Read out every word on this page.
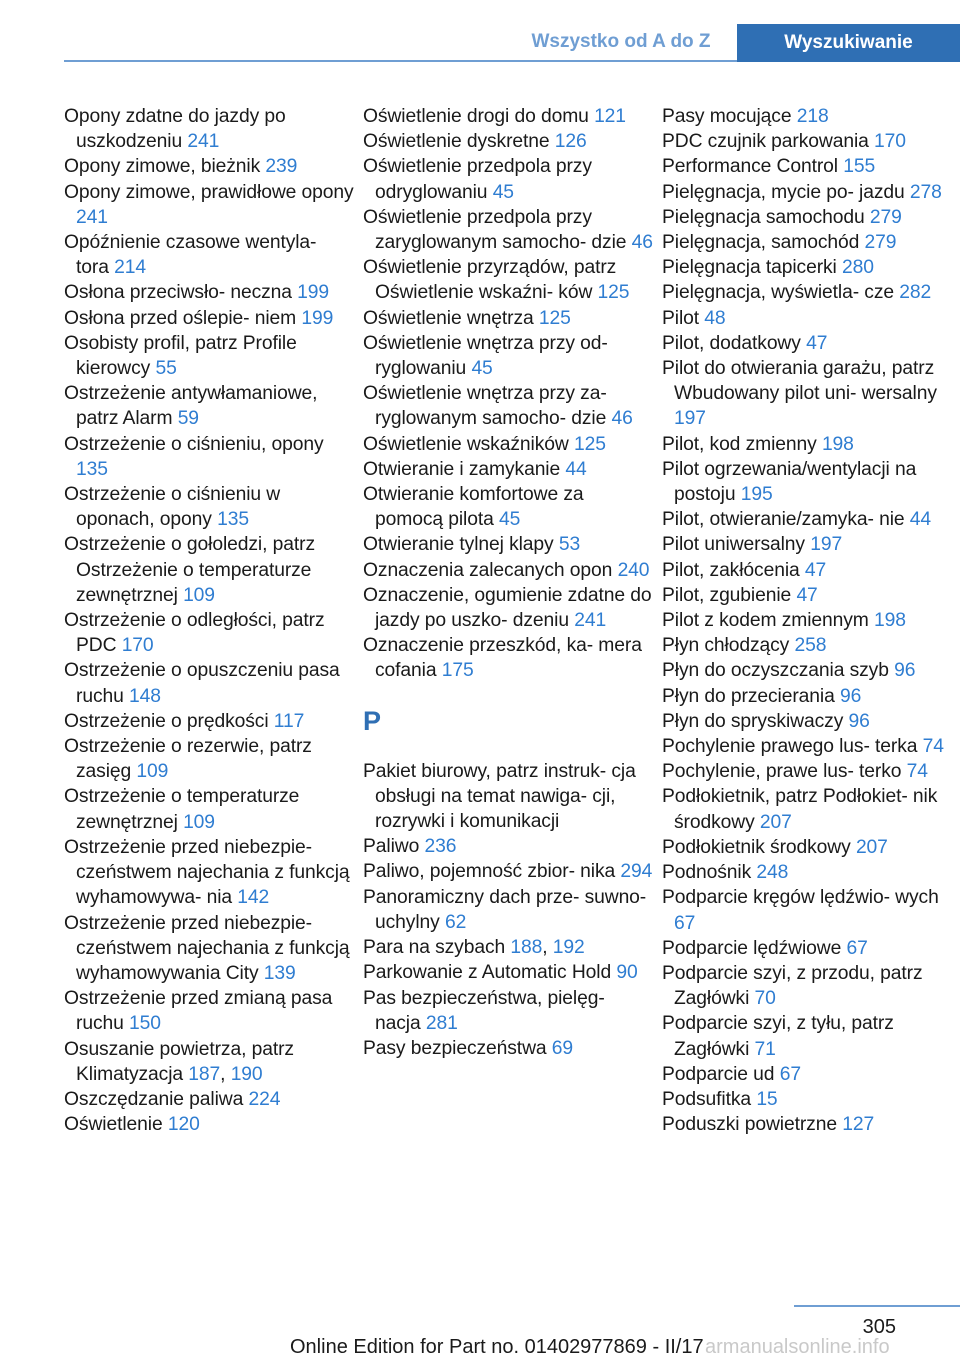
Wszystko od A do Z	Wyszukiwanie
Opony zdatne do jazdy po uszkodzeniu 241
Opony zimowe, bieżnik 239
Opony zimowe, prawidłowe opony 241
Opóźnienie czasowe wentyla‐ tora 214
Osłona przeciwsło‐ neczna 199
Osłona przed oślepie‐ niem 199
Osobisty profil, patrz Profile kierowcy 55
Ostrzeżenie antywłamaniowe, patrz Alarm 59
Ostrzeżenie o ciśnieniu, opony 135
Ostrzeżenie o ciśnieniu w oponach, opony 135
Ostrzeżenie o gołoledzi, patrz Ostrzeżenie o temperaturze zewnętrznej 109
Ostrzeżenie o odległości, patrz PDC 170
Ostrzeżenie o opuszczeniu pasa ruchu 148
Ostrzeżenie o prędkości 117
Ostrzeżenie o rezerwie, patrz zasięg 109
Ostrzeżenie o temperaturze zewnętrznej 109
Ostrzeżenie przed niebezpie‐ czeństwem najechania z funkcją wyhamowywa‐ nia 142
Ostrzeżenie przed niebezpie‐ czeństwem najechania z funkcją wyhamowywania City 139
Ostrzeżenie przed zmianą pasa ruchu 150
Osuszanie powietrza, patrz Klimatyzacja 187, 190
Oszczędzanie paliwa 224
Oświetlenie 120
Oświetlenie drogi do domu 121
Oświetlenie dyskretne 126
Oświetlenie przedpola przy odryglowaniu 45
Oświetlenie przedpola przy zaryglowanym samocho‐ dzie 46
Oświetlenie przyrządów, patrz Oświetlenie wskaźni‐ ków 125
Oświetlenie wnętrza 125
Oświetlenie wnętrza przy od‐ ryglowaniu 45
Oświetlenie wnętrza przy za‐ ryglowanym samocho‐ dzie 46
Oświetlenie wskaźników 125
Otwieranie i zamykanie 44
Otwieranie komfortowe za pomocą pilota 45
Otwieranie tylnej klapy 53
Oznaczenia zalecanych opon 240
Oznaczenie, ogumienie zdatne do jazdy po uszko‐ dzeniu 241
Oznaczenie przeszkód, ka‐ mera cofania 175
P
Pakiet biurowy, patrz instruk‐ cja obsługi na temat nawiga‐ cji, rozrywki i komunikacji
Paliwo 236
Paliwo, pojemność zbior‐ nika 294
Panoramiczny dach prze‐ suwno-uchylny 62
Para na szybach 188, 192
Parkowanie z Automatic Hold 90
Pas bezpieczeństwa, pielęg‐ nacja 281
Pasy bezpieczeństwa 69
Pasy mocujące 218
PDC czujnik parkowania 170
Performance Control 155
Pielęgnacja, mycie po‐ jazdu 278
Pielęgnacja samochodu 279
Pielęgnacja, samochód 279
Pielęgnacja tapicerki 280
Pielęgnacja, wyświetla‐ cze 282
Pilot 48
Pilot, dodatkowy 47
Pilot do otwierania garażu, patrz Wbudowany pilot uni‐ wersalny 197
Pilot, kod zmienny 198
Pilot ogrzewania/wentylacji na postoju 195
Pilot, otwieranie/zamyka‐ nie 44
Pilot uniwersalny 197
Pilot, zakłócenia 47
Pilot, zgubienie 47
Pilot z kodem zmiennym 198
Płyn chłodzący 258
Płyn do oczyszczania szyb 96
Płyn do przecierania 96
Płyn do spryskiwaczy 96
Pochylenie prawego lus‐ terka 74
Pochylenie, prawe lus‐ terko 74
Podłokietnik, patrz Podłokiet‐ nik środkowy 207
Podłokietnik środkowy 207
Podnośnik 248
Podparcie kręgów lędźwio‐ wych 67
Podparcie lędźwiowe 67
Podparcie szyi, z przodu, patrz Zagłówki 70
Podparcie szyi, z tyłu, patrz Zagłówki 71
Podparcie ud 67
Podsufitka 15
Poduszki powietrzne 127
305
Online Edition for Part no. 01402977869 - II/17 armanualsonline.info
